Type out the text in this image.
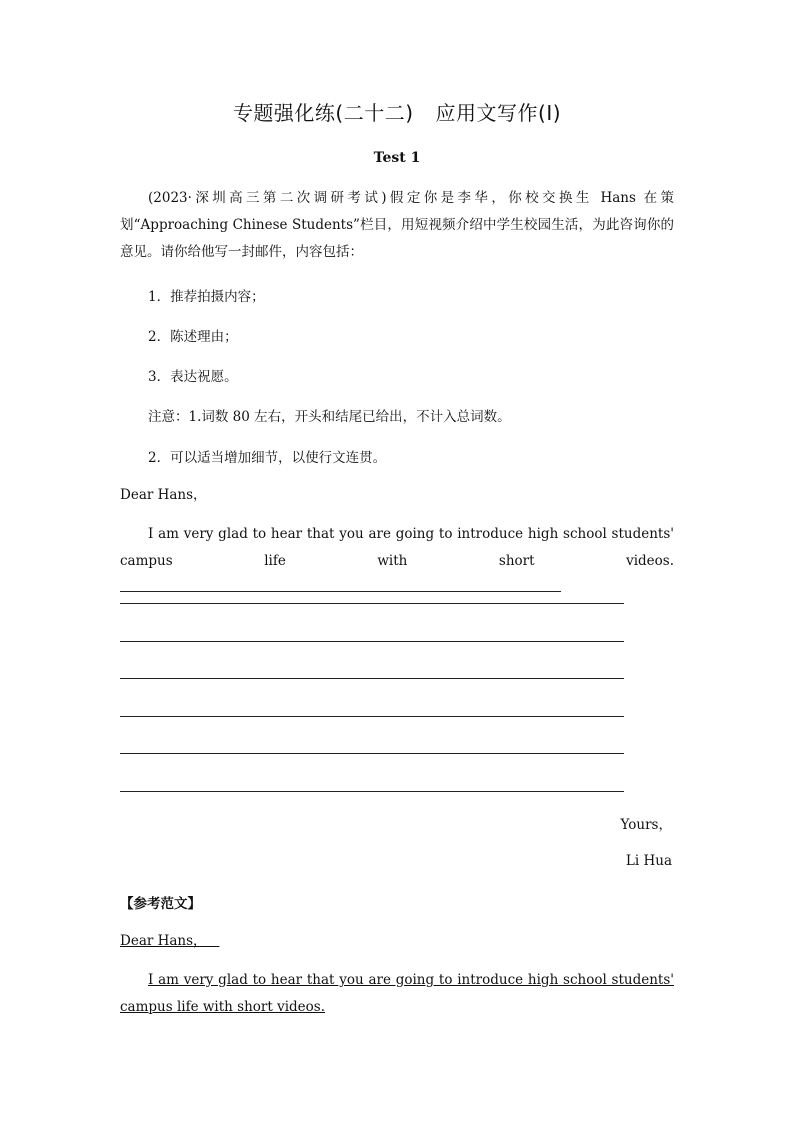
专题强化练(二十二) 应用文写作(Ⅰ)
Test 1
(2023·深圳高三第二次调研考试)假定你是李华，你校交换生 Hans 在策划“Approaching Chinese Students”栏目，用短视频介绍中学生校园生活，为此咨询你的意见。请你给他写一封邮件，内容包括：
1．推荐拍摄内容；
2．陈述理由；
3．表达祝愿。
注意：1.词数 80 左右，开头和结尾已给出，不计入总词数。
2．可以适当增加细节，以使行文连贯。
Dear Hans，
I am very glad to hear that you are going to introduce high school students' campus life with short videos.
Yours，
Li Hua
【参考范文】
Dear Hans，
I am very glad to hear that you are going to introduce high school students' campus life with short videos.
